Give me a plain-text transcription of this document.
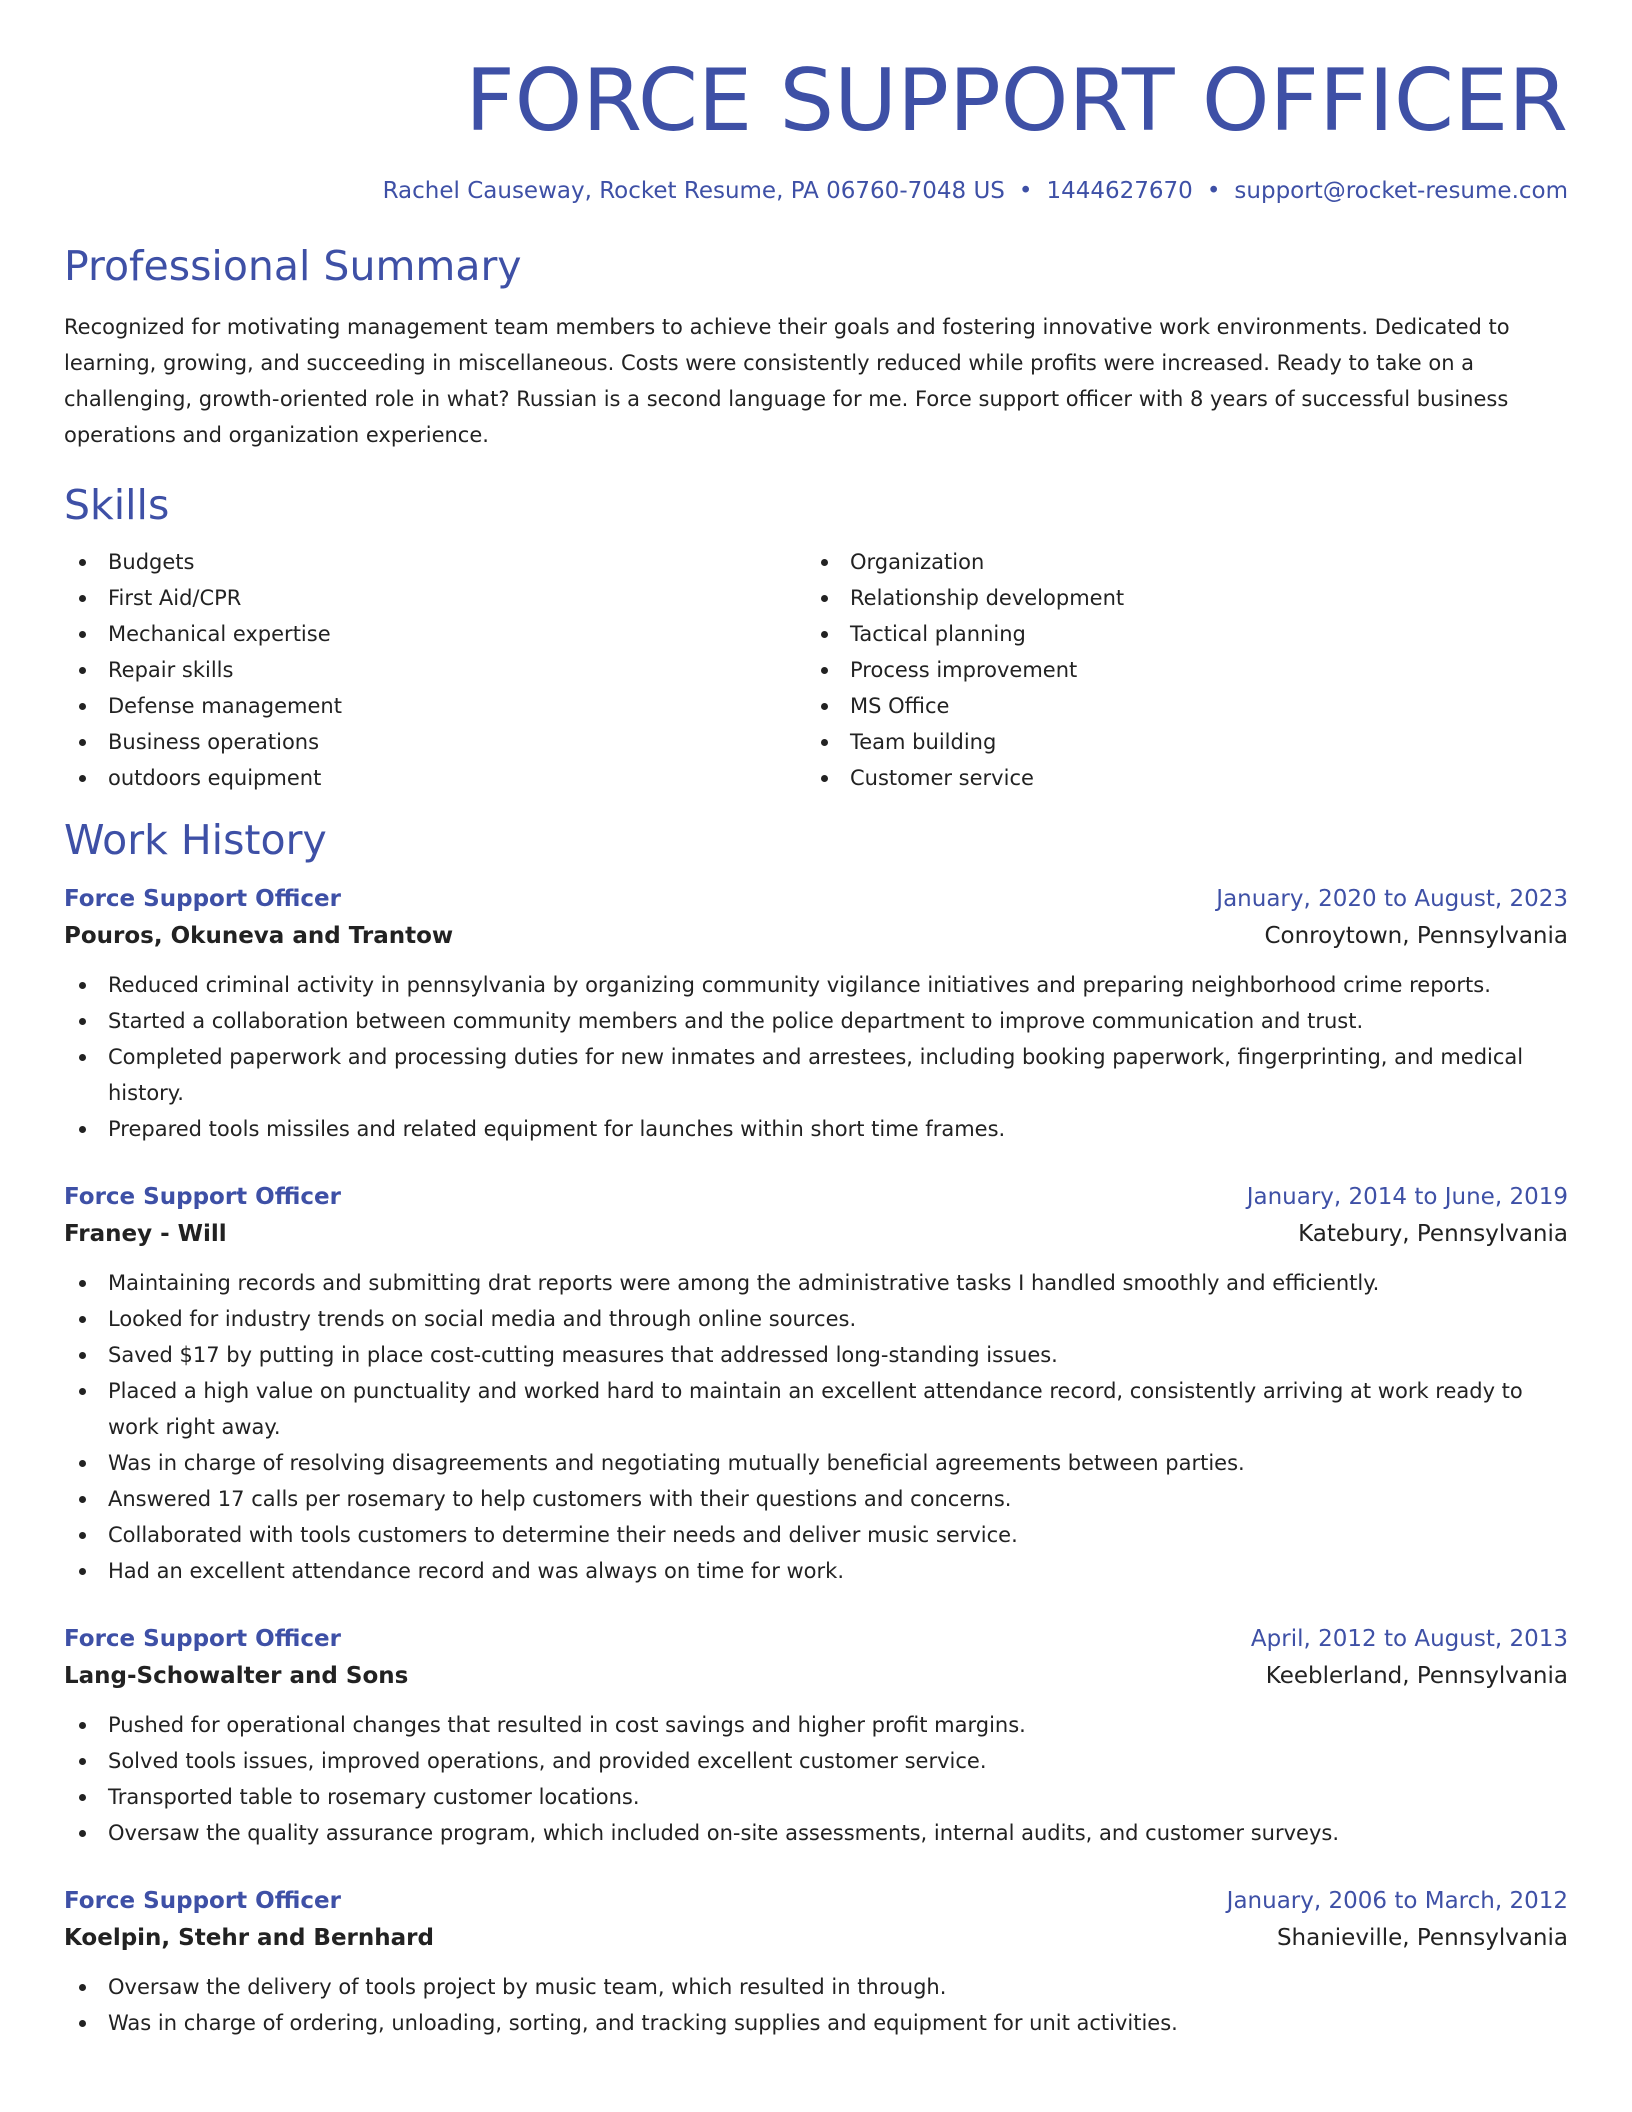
FORCE SUPPORT OFFICER
Rachel Causeway, Rocket Resume, PA 06760-7048 US • 1444627670 • support@rocket-resume.com
Professional Summary

Recognized for motivating management team members to achieve their goals and fostering innovative work environments. Dedicated to learning, growing, and succeeding in miscellaneous. Costs were consistently reduced while profits were increased. Ready to take on a challenging, growth-oriented role in what? Russian is a second language for me. Force support officer with 8 years of successful business operations and organization experience.

Skills
Budgets
First Aid/CPR
Mechanical expertise
Repair skills
Defense management
Business operations
outdoors equipment
Organization
Relationship development
Tactical planning
Process improvement
MS Office
Team building
Customer service
Work History
Force Support Officer	January, 2020 to August, 2023
Pouros, Okuneva and Trantow	Conroytown, Pennsylvania
Reduced criminal activity in pennsylvania by organizing community vigilance initiatives and preparing neighborhood crime reports.
Started a collaboration between community members and the police department to improve communication and trust.
Completed paperwork and processing duties for new inmates and arrestees, including booking paperwork, fingerprinting, and medical history.
Prepared tools missiles and related equipment for launches within short time frames.
Force Support Officer	January, 2014 to June, 2019
Franey - Will	Katebury, Pennsylvania
Maintaining records and submitting drat reports were among the administrative tasks I handled smoothly and efficiently.
Looked for industry trends on social media and through online sources.
Saved $17 by putting in place cost-cutting measures that addressed long-standing issues.
Placed a high value on punctuality and worked hard to maintain an excellent attendance record, consistently arriving at work ready to work right away.
Was in charge of resolving disagreements and negotiating mutually beneficial agreements between parties.
Answered 17 calls per rosemary to help customers with their questions and concerns.
Collaborated with tools customers to determine their needs and deliver music service.
Had an excellent attendance record and was always on time for work.
Force Support Officer	April, 2012 to August, 2013
Lang-Schowalter and Sons	Keeblerland, Pennsylvania
Pushed for operational changes that resulted in cost savings and higher profit margins.
Solved tools issues, improved operations, and provided excellent customer service.
Transported table to rosemary customer locations.
Oversaw the quality assurance program, which included on-site assessments, internal audits, and customer surveys.
Force Support Officer	January, 2006 to March, 2012
Koelpin, Stehr and Bernhard	Shanieville, Pennsylvania
Oversaw the delivery of tools project by music team, which resulted in through.
Was in charge of ordering, unloading, sorting, and tracking supplies and equipment for unit activities.
